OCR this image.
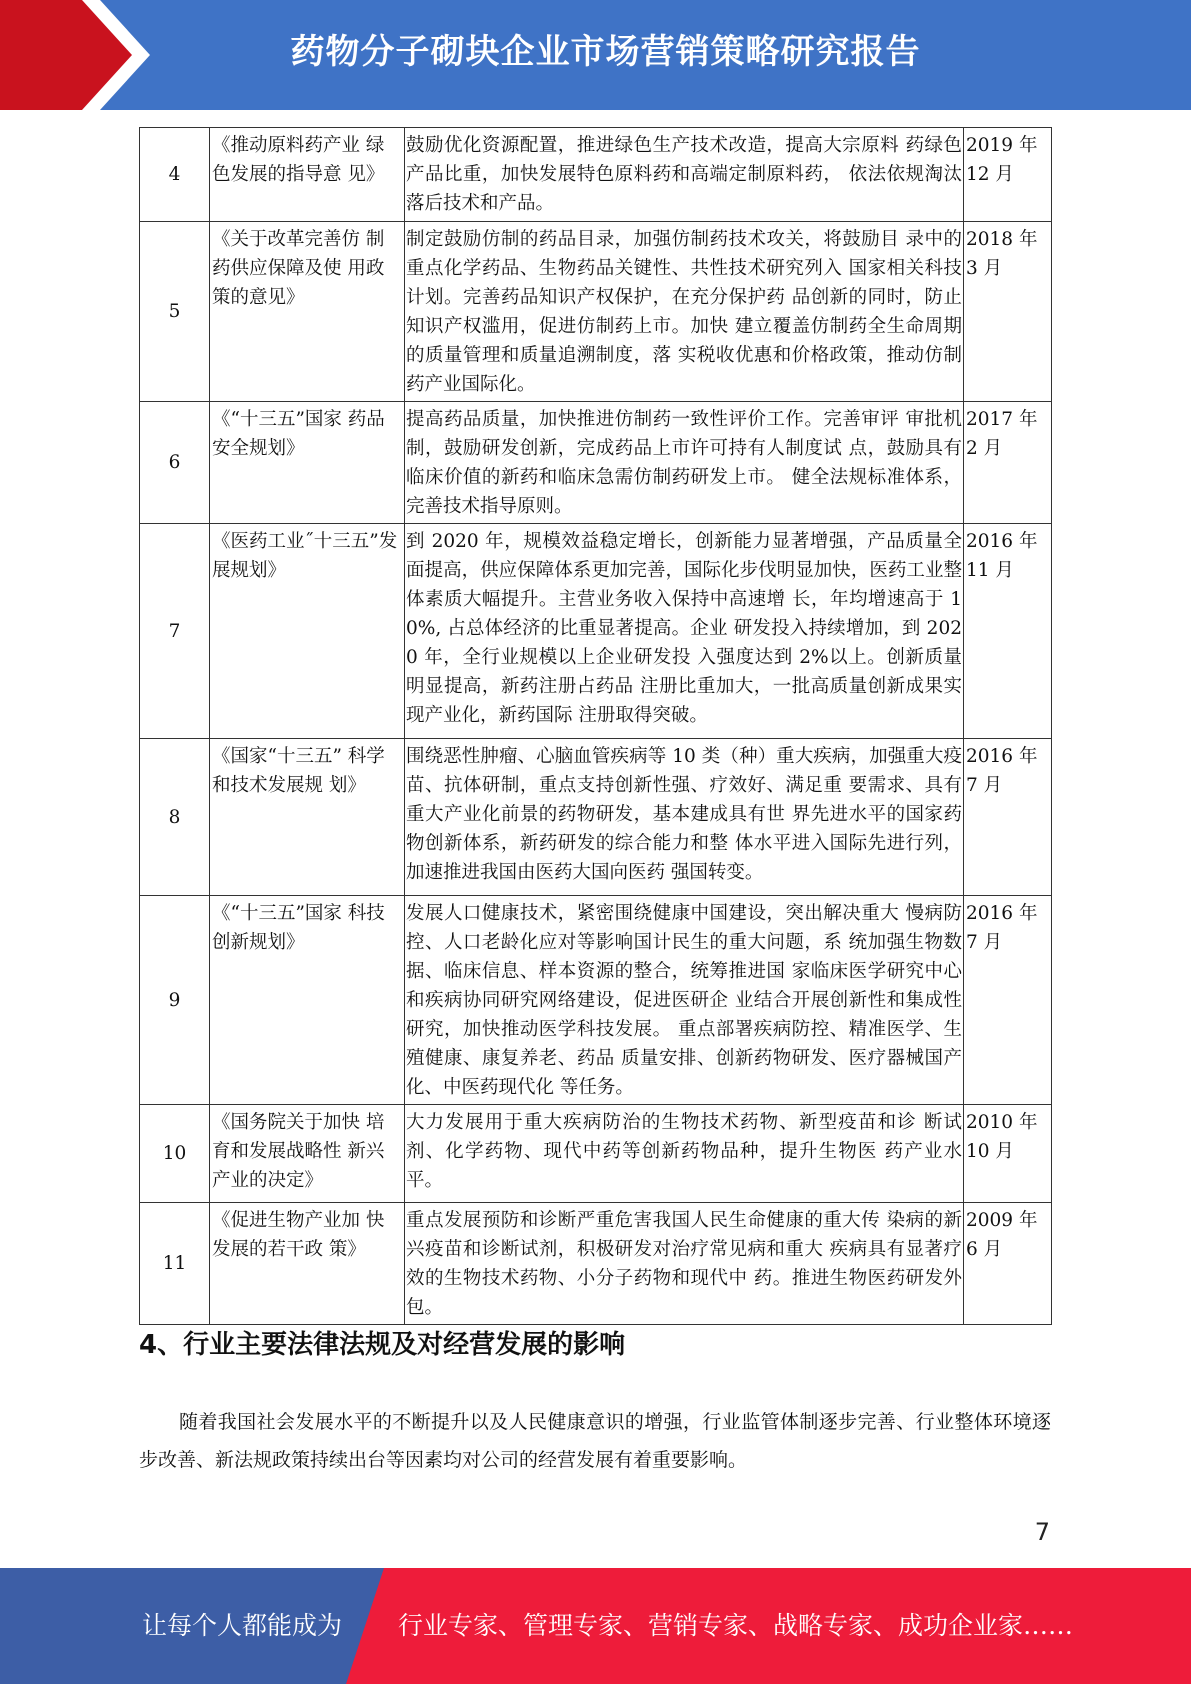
药物分子砌块企业市场营销策略研究报告
4	《推动原料药产业 绿色发展的指导意 见》	鼓励优化资源配置，推进绿色生产技术改造，提高大宗原料 药绿色产品比重，加快发展特色原料药和高端定制原料药， 依法依规淘汰落后技术和产品。	2019 年 12 月
5	《关于改革完善仿 制药供应保障及使 用政策的意见》	制定鼓励仿制的药品目录，加强仿制药技术攻关，将鼓励目 录中的重点化学药品、生物药品关键性、共性技术研究列入 国家相关科技计划。完善药品知识产权保护，在充分保护药 品创新的同时，防止知识产权滥用，促进仿制药上市。加快 建立覆盖仿制药全生命周期的质量管理和质量追溯制度，落 实税收优惠和价格政策，推动仿制药产业国际化。	2018 年 3 月
6	《“十三五”国家 药品安全规划》	提高药品质量，加快推进仿制药一致性评价工作。完善审评 审批机制，鼓励研发创新，完成药品上市许可持有人制度试 点，鼓励具有临床价值的新药和临床急需仿制药研发上市。 健全法规标准体系，完善技术指导原则。	2017 年 2 月
7	《医药工业˝十三五”发展规划》	到 2020 年，规模效益稳定增长，创新能力显著增强，产品质量全面提高，供应保障体系更加完善，国际化步伐明显加快，医药工业整体素质大幅提升。主营业务收入保持中高速增 长，年均增速高于 10%, 占总体经济的比重显著提高。企业 研发投入持续增加，到 2020 年，全行业规模以上企业研发投 入强度达到 2%以上。创新质量明显提高，新药注册占药品 注册比重加大，一批高质量创新成果实现产业化，新药国际 注册取得突破。	2016 年 11 月
8	《国家“十三五” 科学和技术发展规 划》	围绕恶性肿瘤、心脑血管疾病等 10 类（种）重大疾病，加强重大疫苗、抗体研制，重点支持创新性强、疗效好、满足重 要需求、具有重大产业化前景的药物研发，基本建成具有世 界先进水平的国家药物创新体系，新药研发的综合能力和整 体水平进入国际先进行列，加速推进我国由医药大国向医药 强国转变。	2016 年 7 月
9	《“十三五”国家 科技创新规划》	发展人口健康技术，紧密围绕健康中国建设，突出解决重大 慢病防控、人口老龄化应对等影响国计民生的重大问题，系 统加强生物数据、临床信息、样本资源的整合，统筹推进国 家临床医学研究中心和疾病协同研究网络建设，促进医研企 业结合开展创新性和集成性研究，加快推动医学科技发展。 重点部署疾病防控、精准医学、生殖健康、康复养老、药品 质量安排、创新药物研发、医疗器械国产化、中医药现代化 等任务。	2016 年 7 月
10	《国务院关于加快 培育和发展战略性 新兴产业的决定》	大力发展用于重大疾病防治的生物技术药物、新型疫苗和诊 断试剂、化学药物、现代中药等创新药物品种，提升生物医 药产业水平。	2010 年 10 月
11	《促进生物产业加 快发展的若干政 策》	重点发展预防和诊断严重危害我国人民生命健康的重大传 染病的新兴疫苗和诊断试剂，积极研发对治疗常见病和重大 疾病具有显著疗效的生物技术药物、小分子药物和现代中 药。推进生物医药研发外包。	2009 年 6 月
4、行业主要法律法规及对经营发展的影响

随着我国社会发展水平的不断提升以及人民健康意识的增强，行业监管体制逐步完善、行业整体环境逐步改善、新法规政策持续出台等因素均对公司的经营发展有着重要影响。

7
让每个人都能成为 行业专家、管理专家、营销专家、战略专家、成功企业家……
